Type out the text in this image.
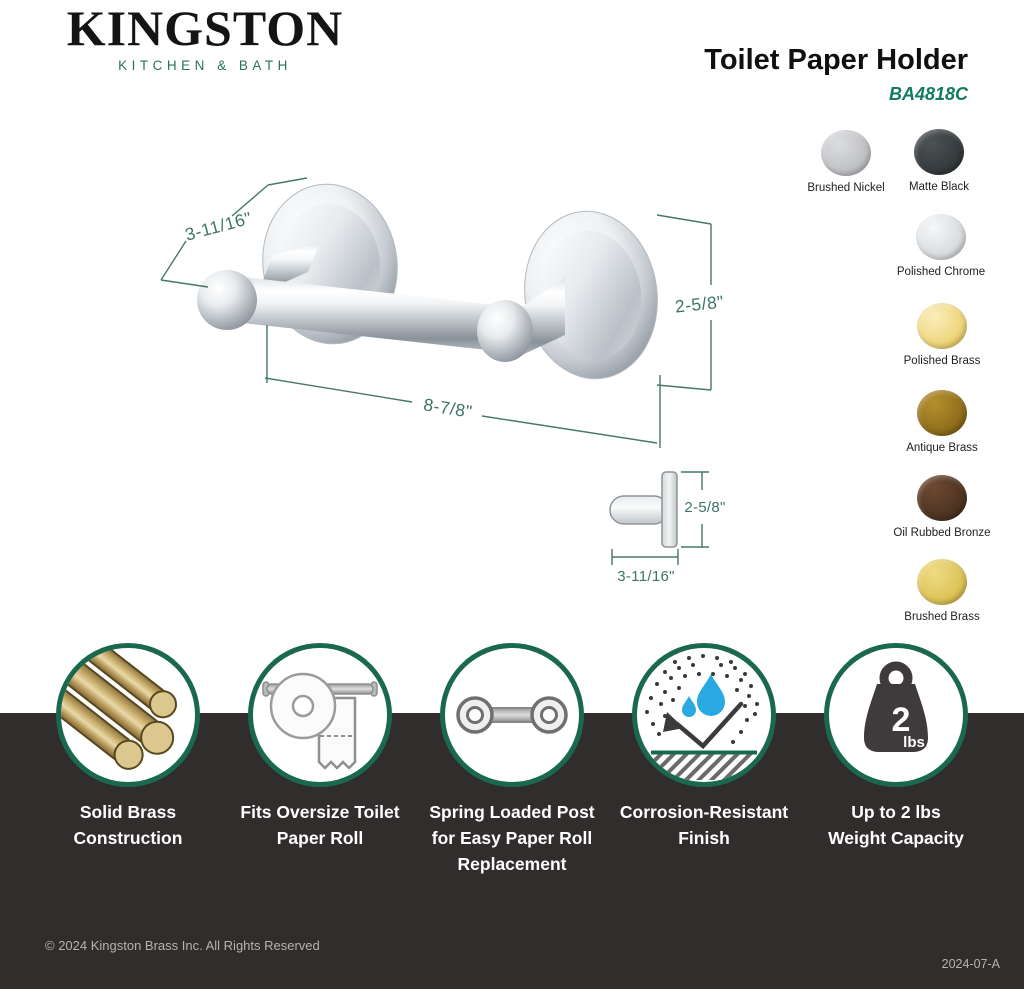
KINGSTON
KITCHEN & BATH	Toilet Paper Holder
BA4818C
Brushed Nickel	Matte Black
Polished Chrome
Polished Brass
Antique Brass
Oil Rubbed Bronze
Brushed Brass
3-11/16"
2-5/8"
8-7/8"
2-5/8"
3-11/16"
Solid Brass
Construction
Fits Oversize Toilet
Paper Roll
Spring Loaded Post
for Easy Paper Roll
Replacement
Corrosion-Resistant
Finish
2
lbs
Up to 2 lbs
Weight Capacity
© 2024 Kingston Brass Inc. All Rights Reserved
2024-07-A
